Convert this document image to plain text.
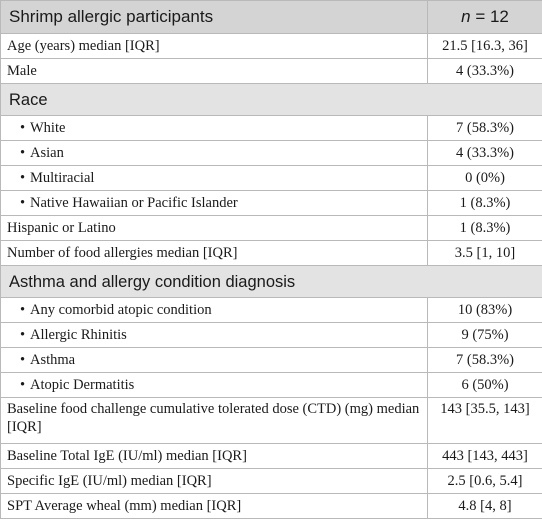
Shrimp allergic participants	n = 12
Age (years) median [IQR]	21.5 [16.3, 36]
Male	4 (33.3%)
Race	
• White	7 (58.3%)
• Asian	4 (33.3%)
• Multiracial	0 (0%)
• Native Hawaiian or Pacific Islander	1 (8.3%)
Hispanic or Latino	1 (8.3%)
Number of food allergies median [IQR]	3.5 [1, 10]
Asthma and allergy condition diagnosis	
• Any comorbid atopic condition	10 (83%)
• Allergic Rhinitis	9 (75%)
• Asthma	7 (58.3%)
• Atopic Dermatitis	6 (50%)
Baseline food challenge cumulative tolerated dose (CTD) (mg) median [IQR]	143 [35.5, 143]
Baseline Total IgE (IU/ml) median [IQR]	443 [143, 443]
Specific IgE (IU/ml) median [IQR]	2.5 [0.6, 5.4]
SPT Average wheal (mm) median [IQR]	4.8 [4, 8]
